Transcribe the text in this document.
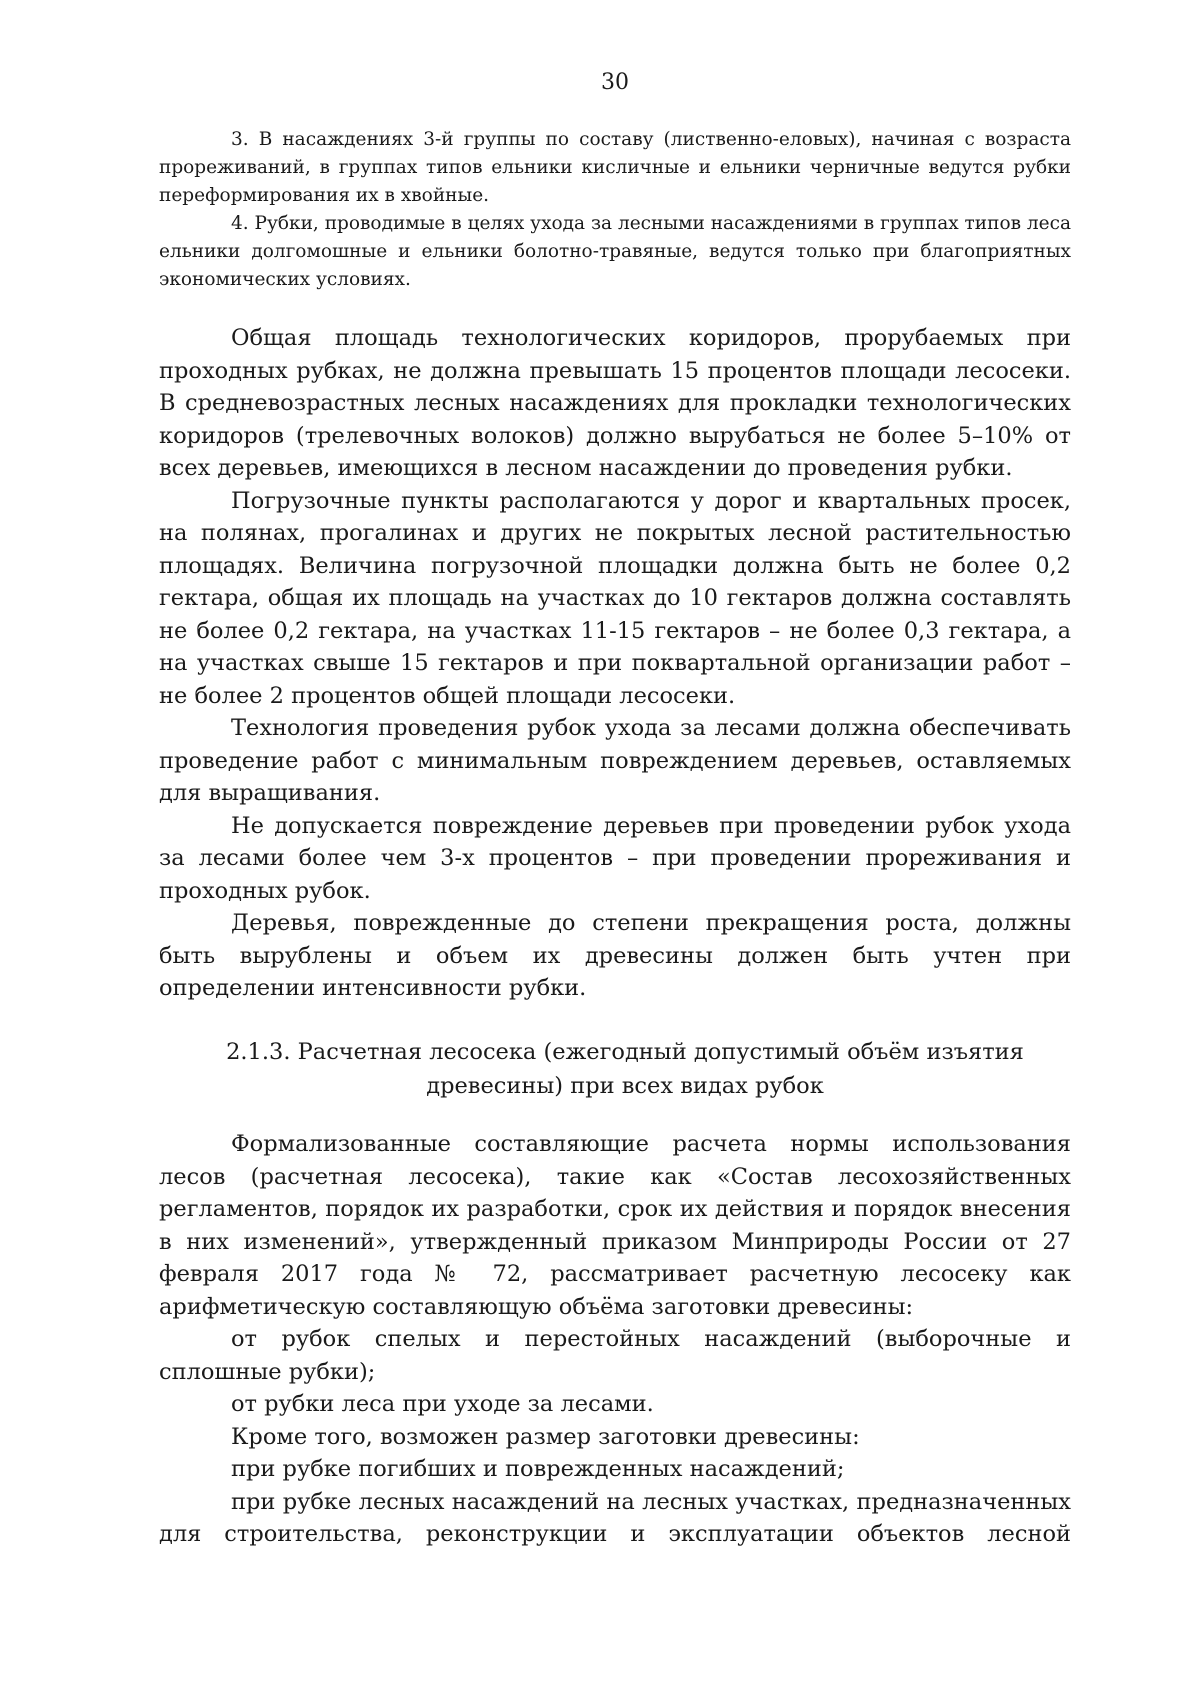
30

3. В насаждениях 3-й группы по составу (лиственно-еловых), начиная с возраста прореживаний, в группах типов ельники кисличные и ельники черничные ведутся рубки переформирования их в хвойные.

4. Рубки, проводимые в целях ухода за лесными насаждениями в группах типов леса ельники долгомошные и ельники болотно-травяные, ведутся только при благоприятных экономических условиях.

Общая площадь технологических коридоров, прорубаемых при проходных рубках, не должна превышать 15 процентов площади лесосеки. В средневозрастных лесных насаждениях для прокладки технологических коридоров (трелевочных волоков) должно вырубаться не более 5–10% от всех деревьев, имеющихся в лесном насаждении до проведения рубки.

Погрузочные пункты располагаются у дорог и квартальных просек, на полянах, прогалинах и других не покрытых лесной растительностью площадях. Величина погрузочной площадки должна быть не более 0,2 гектара, общая их площадь на участках до 10 гектаров должна составлять не более 0,2 гектара, на участках 11-15 гектаров – не более 0,3 гектара, а на участках свыше 15 гектаров и при поквартальной организации работ – не более 2 процентов общей площади лесосеки.

Технология проведения рубок ухода за лесами должна обеспечивать проведение работ с минимальным повреждением деревьев, оставляемых для выращивания.

Не допускается повреждение деревьев при проведении рубок ухода за лесами более чем 3-х процентов – при проведении прореживания и проходных рубок.

Деревья, поврежденные до степени прекращения роста, должны быть вырублены и объем их древесины должен быть учтен при определении интенсивности рубки.

2.1.3. Расчетная лесосека (ежегодный допустимый объём изъятия
древесины) при всех видах рубок

Формализованные составляющие расчета нормы использования лесов (расчетная лесосека), такие как «Состав лесохозяйственных регламентов, порядок их разработки, срок их действия и порядок внесения в них изменений», утвержденный приказом Минприроды России от 27 февраля 2017 года № 72, рассматривает расчетную лесосеку как арифметическую составляющую объёма заготовки древесины:

от рубок спелых и перестойных насаждений (выборочные и сплошные рубки);

от рубки леса при уходе за лесами.

Кроме того, возможен размер заготовки древесины:

при рубке погибших и поврежденных насаждений;

при рубке лесных насаждений на лесных участках, предназначенных для строительства, реконструкции и эксплуатации объектов лесной
